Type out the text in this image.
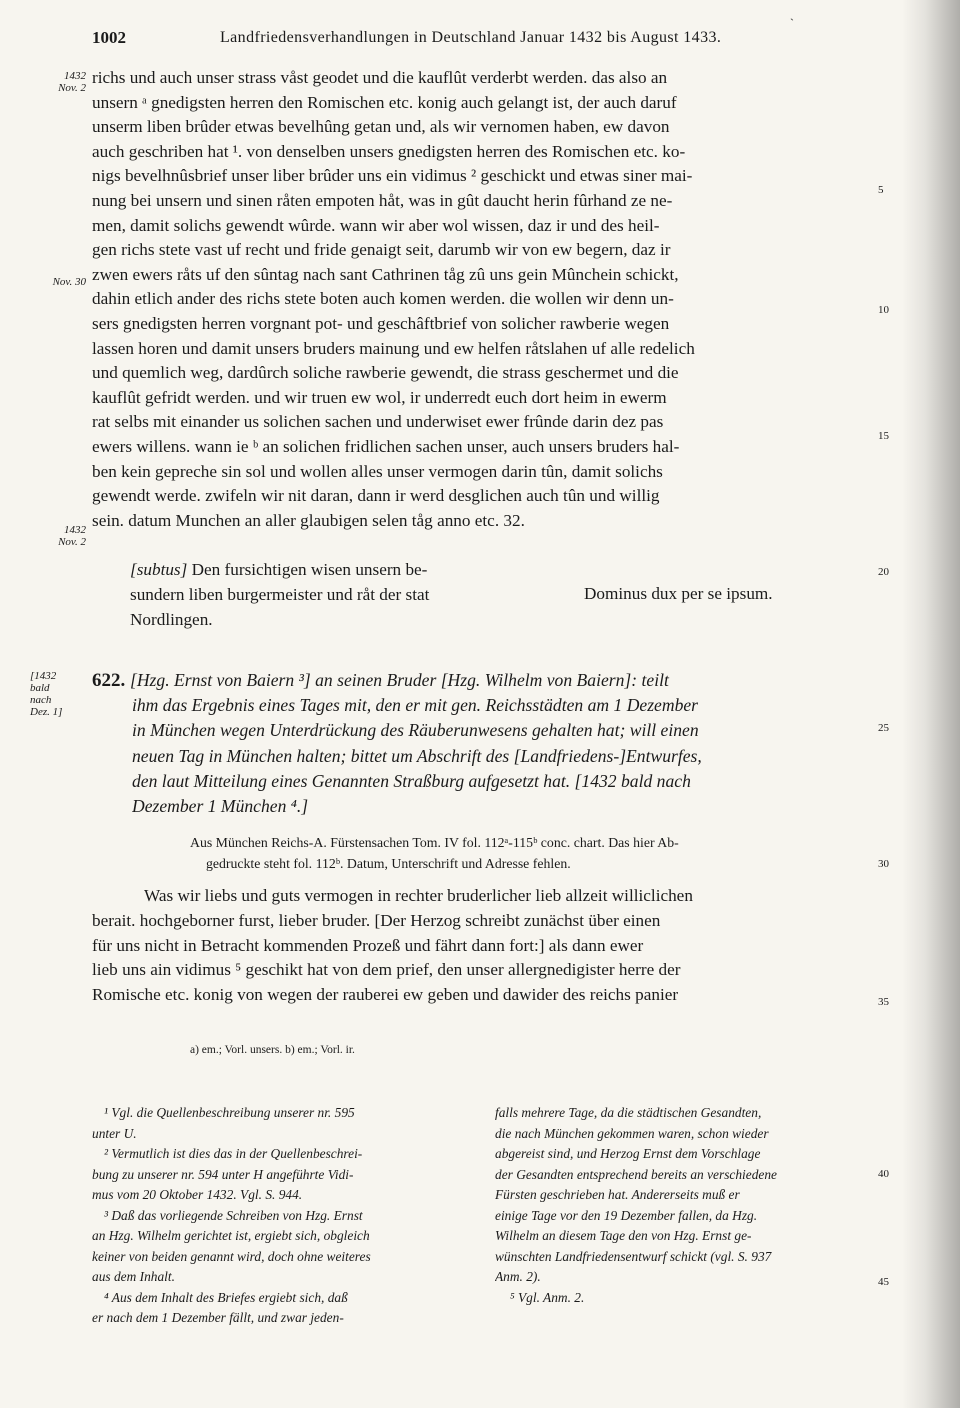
1002	Landfriedensverhandlungen in Deutschland Januar 1432 bis August 1433.
`
1432
Nov. 2
Nov. 30
1432
Nov. 2
[1432
bald
nach
Dez. 1]
richs und auch unser strass våst geodet und die kauflût verderbt werden. das also an
unsern ᵃ gnedigsten herren den Romischen etc. konig auch gelangt ist, der auch daruf
unserm liben brûder etwas bevelhûng getan und, als wir vernomen haben, ew davon
auch geschriben hat ¹. von denselben unsers gnedigsten herren des Romischen etc. ko-
nigs bevelhnûsbrief unser liber brûder uns ein vidimus ² geschickt und etwas siner mai-
nung bei unsern und sinen råten empoten håt, was in gût daucht herin fûrhand ze ne-
men, damit solichs gewendt wûrde. wann wir aber wol wissen, daz ir und des heil-
gen richs stete vast uf recht und fride genaigt seit, darumb wir von ew begern, daz ir
zwen ewers råts uf den sûntag nach sant Cathrinen tåg zû uns gein Mûnchein schickt,
dahin etlich ander des richs stete boten auch komen werden. die wollen wir denn un-
sers gnedigsten herren vorgnant pot- und geschâftbrief von solicher rawberie wegen
lassen horen und damit unsers bruders mainung und ew helfen råtslahen uf alle redelich
und quemlich weg, dardûrch soliche rawberie gewendt, die strass geschermet und die
kauflût gefridt werden. und wir truen ew wol, ir underredt euch dort heim in ewerm
rat selbs mit einander us solichen sachen und underwiset ewer frûnde darin dez pas
ewers willens. wann ie ᵇ an solichen fridlichen sachen unser, auch unsers bruders hal-
ben kein gepreche sin sol und wollen alles unser vermogen darin tûn, damit solichs
gewendt werde. zwifeln wir nit daran, dann ir werd desglichen auch tûn und willig
sein. datum Munchen an aller glaubigen selen tåg anno etc. 32.
5
10
15
20
25
30
35
40
45
[subtus] Den fursichtigen wisen unsern be-
sundern liben burgermeister und råt der stat
Nordlingen.
Dominus dux per se ipsum.
622. [Hzg. Ernst von Baiern ³] an seinen Bruder [Hzg. Wilhelm von Baiern]: teilt
ihm das Ergebnis eines Tages mit, den er mit gen. Reichsstädten am 1 Dezember
in München wegen Unterdrückung des Räuberunwesens gehalten hat; will einen
neuen Tag in München halten; bittet um Abschrift des [Landfriedens-]Entwurfes,
den laut Mitteilung eines Genannten Straßburg aufgesetzt hat. [1432 bald nach
Dezember 1 München ⁴.]
Aus München Reichs-A. Fürstensachen Tom. IV fol. 112ᵃ-115ᵇ conc. chart. Das hier Ab-
gedruckte steht fol. 112ᵇ. Datum, Unterschrift und Adresse fehlen.
Was wir liebs und guts vermogen in rechter bruderlicher lieb allzeit williclichen
berait. hochgeborner furst, lieber bruder. [Der Herzog schreibt zunächst über einen
für uns nicht in Betracht kommenden Prozeß und fährt dann fort:] als dann ewer
lieb uns ain vidimus ⁵ geschikt hat von dem prief, den unser allergnedigister herre der
Romische etc. konig von wegen der rauberei ew geben und dawider des reichs panier
a) em.; Vorl. unsers. b) em.; Vorl. ir.
¹ Vgl. die Quellenbeschreibung unserer nr. 595
unter U.
² Vermutlich ist dies das in der Quellenbeschrei-
bung zu unserer nr. 594 unter H angeführte Vidi-
mus vom 20 Oktober 1432. Vgl. S. 944.
³ Daß das vorliegende Schreiben von Hzg. Ernst
an Hzg. Wilhelm gerichtet ist, ergiebt sich, obgleich
keiner von beiden genannt wird, doch ohne weiteres
aus dem Inhalt.
⁴ Aus dem Inhalt des Briefes ergiebt sich, daß
er nach dem 1 Dezember fällt, und zwar jeden-
falls mehrere Tage, da die städtischen Gesandten,
die nach München gekommen waren, schon wieder
abgereist sind, und Herzog Ernst dem Vorschlage
der Gesandten entsprechend bereits an verschiedene
Fürsten geschrieben hat. Andererseits muß er
einige Tage vor den 19 Dezember fallen, da Hzg.
Wilhelm an diesem Tage den von Hzg. Ernst ge-
wünschten Landfriedensentwurf schickt (vgl. S. 937
Anm. 2).
⁵ Vgl. Anm. 2.
